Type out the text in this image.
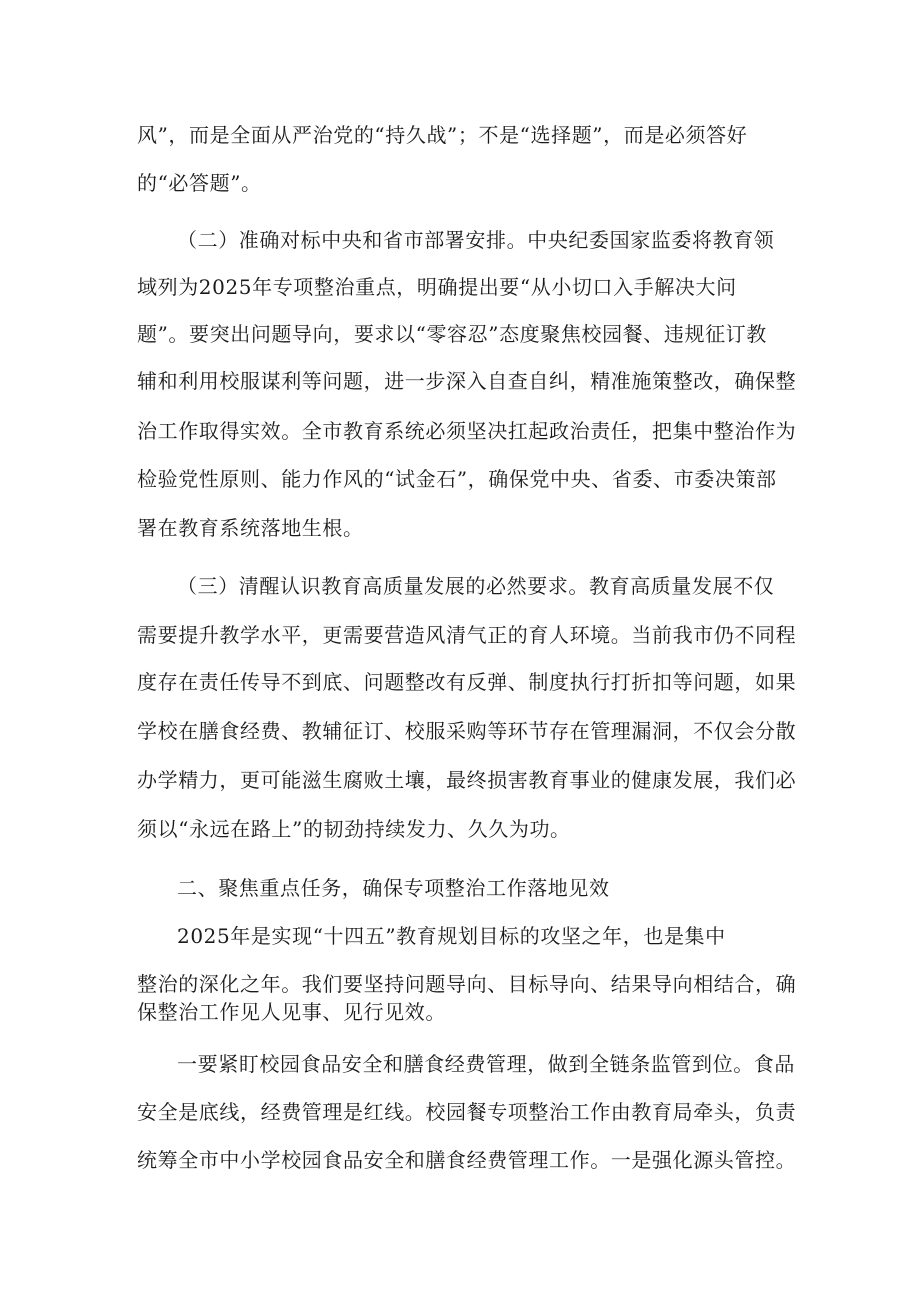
风”，而是全面从严治党的“持久战”；不是“选择题”，而是必须答好
的“必答题”。
（二）准确对标中央和省市部署安排。中央纪委国家监委将教育领
域列为2025年专项整治重点，明确提出要“从小切口入手解决大问
题”。要突出问题导向，要求以“零容忍”态度聚焦校园餐、违规征订教
辅和利用校服谋利等问题，进一步深入自查自纠，精准施策整改，确保整
治工作取得实效。全市教育系统必须坚决扛起政治责任，把集中整治作为
检验党性原则、能力作风的“试金石”，确保党中央、省委、市委决策部
署在教育系统落地生根。
（三）清醒认识教育高质量发展的必然要求。教育高质量发展不仅
需要提升教学水平，更需要营造风清气正的育人环境。当前我市仍不同程
度存在责任传导不到底、问题整改有反弹、制度执行打折扣等问题，如果
学校在膳食经费、教辅征订、校服采购等环节存在管理漏洞，不仅会分散
办学精力，更可能滋生腐败土壤，最终损害教育事业的健康发展，我们必
须以“永远在路上”的韧劲持续发力、久久为功。
二、聚焦重点任务，确保专项整治工作落地见效
2025年是实现“十四五”教育规划目标的攻坚之年，也是集中
整治的深化之年。我们要坚持问题导向、目标导向、结果导向相结合，确
保整治工作见人见事、见行见效。
一要紧盯校园食品安全和膳食经费管理，做到全链条监管到位。食品
安全是底线，经费管理是红线。校园餐专项整治工作由教育局牵头，负责
统筹全市中小学校园食品安全和膳食经费管理工作。一是强化源头管控。
